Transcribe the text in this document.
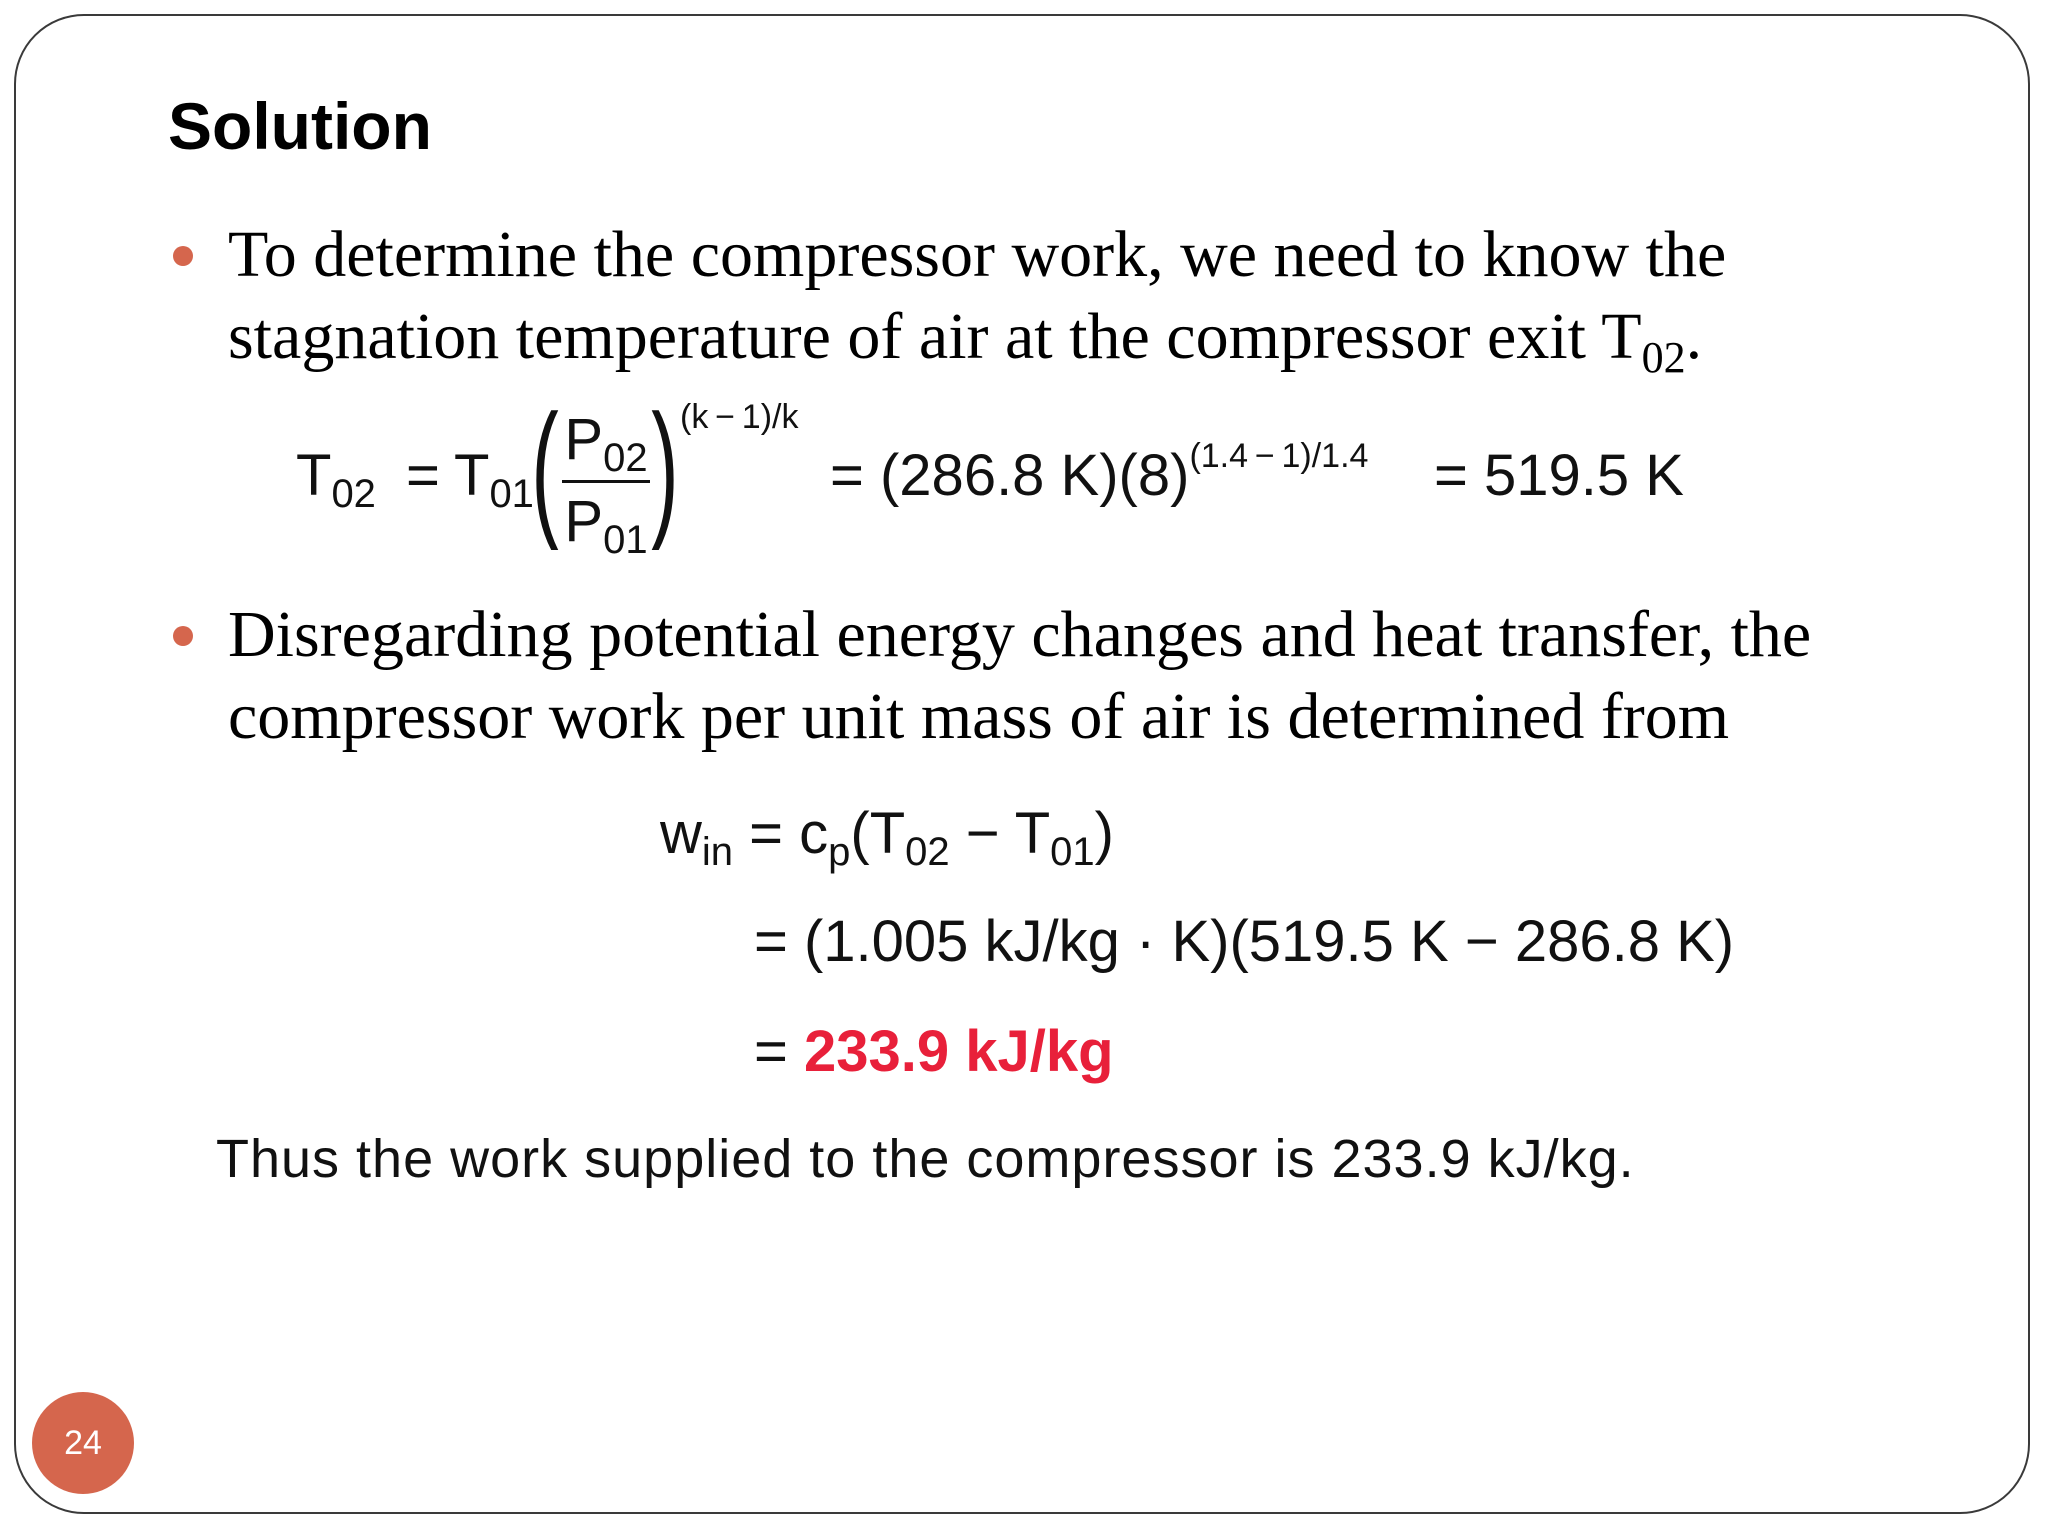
Solution
To determine the compressor work, we need to know the stagnation temperature of air at the compressor exit $T_{02}$.
$T_{02} = T_{01}$
( $P_{02}$
$P_{01}$ ) (k − 1)/k
= (286.8 $K)(8)^{(1.4 - 1)/1.4} = 519.5$ K
Disregarding potential energy changes and heat transfer, the compressor work per unit mass of air is determined from
$w_{in} = c_p(T_{02} - T_{01})$
= (1.005 kJ/kg · K)(519.5 K − 286.8 K)
= 233.9 kJ/kg
Thus the work supplied to the compressor is 233.9 kJ/kg.
24
